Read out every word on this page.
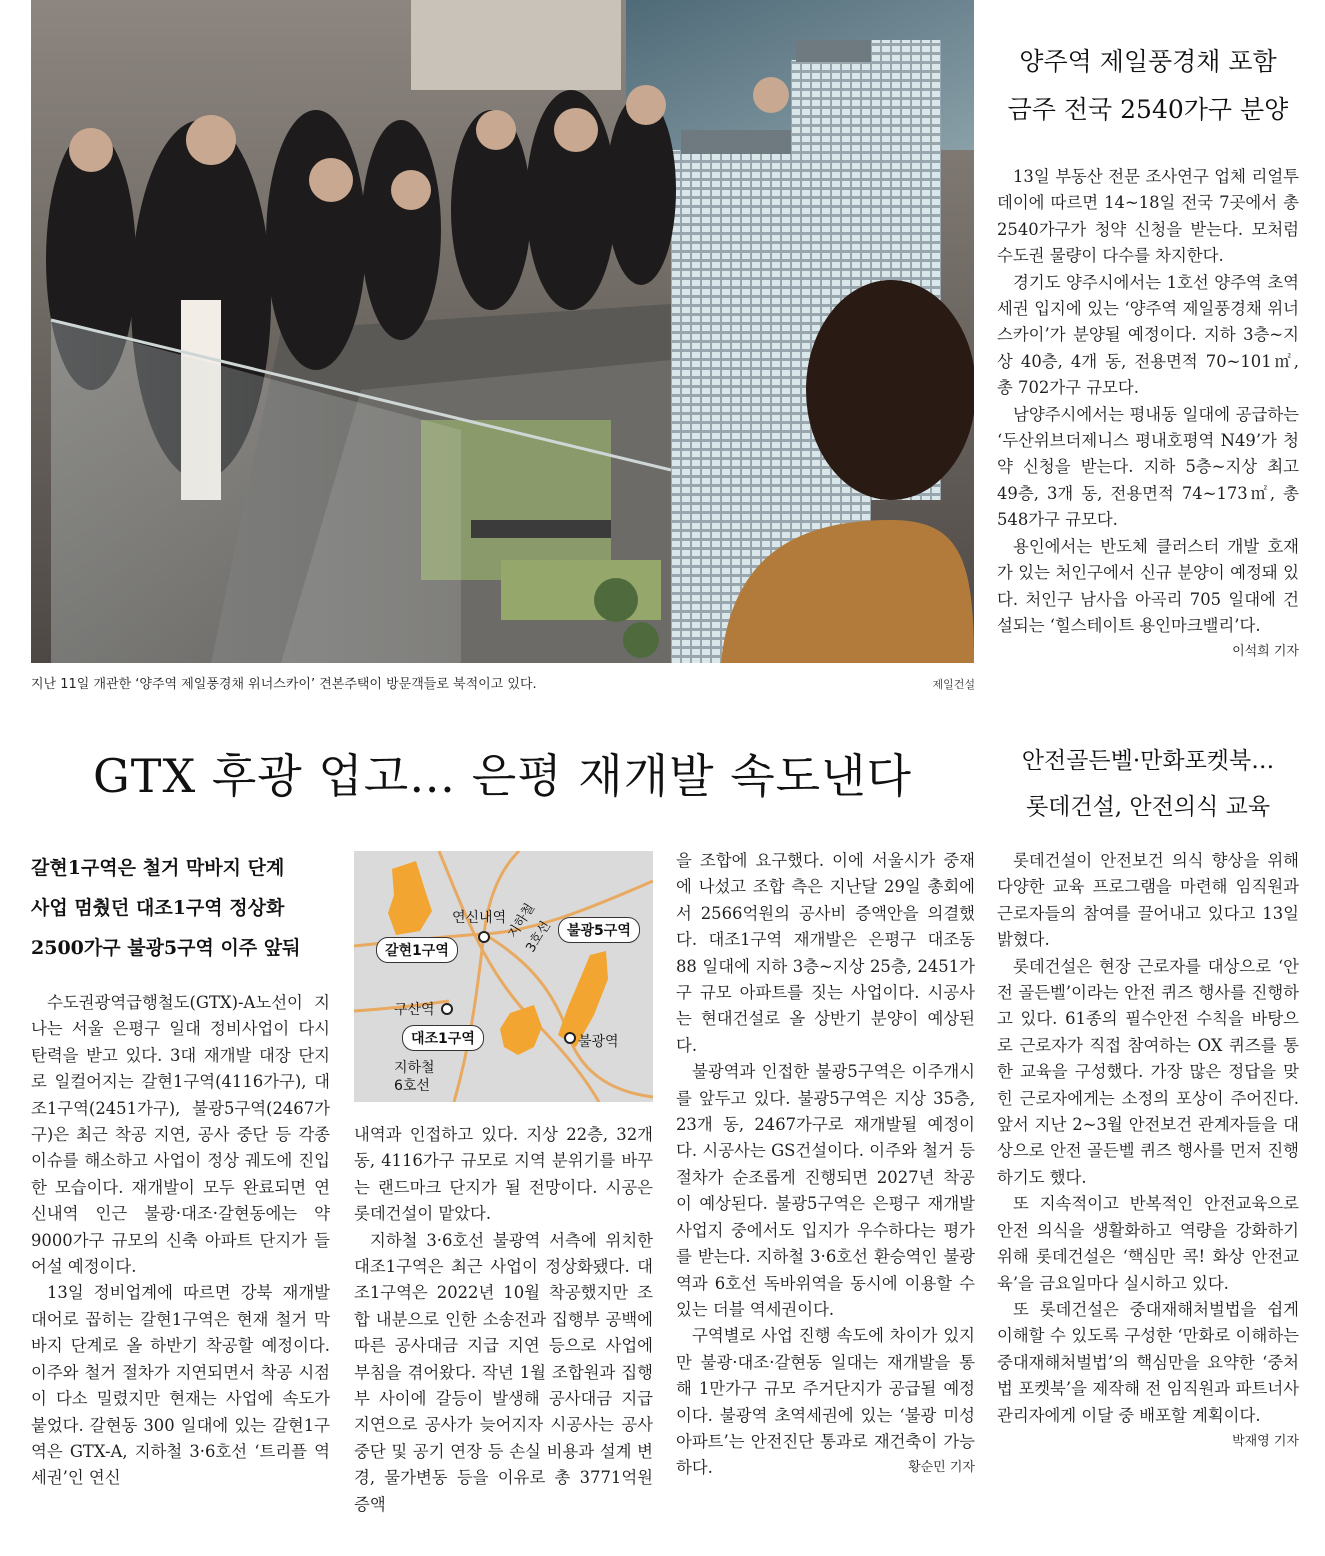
지난 11일 개관한 ‘양주역 제일풍경채 위너스카이’ 견본주택이 방문객들로 북적이고 있다.	제일건설
양주역 제일풍경채 포함
금주 전국 2540가구 분양

13일 부동산 전문 조사연구 업체 리얼투데이에 따르면 14~18일 전국 7곳에서 총 2540가구가 청약 신청을 받는다. 모처럼 수도권 물량이 다수를 차지한다.

경기도 양주시에서는 1호선 양주역 초역세권 입지에 있는 ‘양주역 제일풍경채 위너스카이’가 분양될 예정이다. 지하 3층~지상 40층, 4개 동, 전용면적 70~101㎡, 총 702가구 규모다.

남양주시에서는 평내동 일대에 공급하는 ‘두산위브더제니스 평내호평역 N49’가 청약 신청을 받는다. 지하 5층~지상 최고 49층, 3개 동, 전용면적 74~173㎡, 총 548가구 규모다.

용인에서는 반도체 클러스터 개발 호재가 있는 처인구에서 신규 분양이 예정돼 있다. 처인구 남사읍 아곡리 705 일대에 건설되는 ‘힐스테이트 용인마크밸리’다.
이석희 기자

GTX 후광 업고… 은평 재개발 속도낸다
갈현1구역은 철거 막바지 단계
사업 멈췄던 대조1구역 정상화
2500가구 불광5구역 이주 앞둬

수도권광역급행철도(GTX)-A노선이 지나는 서울 은평구 일대 정비사업이 다시 탄력을 받고 있다. 3대 재개발 대장 단지로 일컬어지는 갈현1구역(4116가구), 대조1구역(2451가구), 불광5구역(2467가구)은 최근 착공 지연, 공사 중단 등 각종 이슈를 해소하고 사업이 정상 궤도에 진입한 모습이다. 재개발이 모두 완료되면 연신내역 인근 불광·대조·갈현동에는 약 9000가구 규모의 신축 아파트 단지가 들어설 예정이다.

13일 정비업계에 따르면 강북 재개발 대어로 꼽히는 갈현1구역은 현재 철거 막바지 단계로 올 하반기 착공할 예정이다. 이주와 철거 절차가 지연되면서 착공 시점이 다소 밀렸지만 현재는 사업에 속도가 붙었다. 갈현동 300 일대에 있는 갈현1구역은 GTX-A, 지하철 3·6호선 ‘트리플 역세권’인 연신

연신내역
갈현1구역
불광5구역
지하철
3호선
구산역
대조1구역	불광역
지하철
6호선

내역과 인접하고 있다. 지상 22층, 32개 동, 4116가구 규모로 지역 분위기를 바꾸는 랜드마크 단지가 될 전망이다. 시공은 롯데건설이 맡았다.

지하철 3·6호선 불광역 서측에 위치한 대조1구역은 최근 사업이 정상화됐다. 대조1구역은 2022년 10월 착공했지만 조합 내분으로 인한 소송전과 집행부 공백에 따른 공사대금 지급 지연 등으로 사업에 부침을 겪어왔다. 작년 1월 조합원과 집행부 사이에 갈등이 발생해 공사대금 지급 지연으로 공사가 늦어지자 시공사는 공사 중단 및 공기 연장 등 손실 비용과 설계 변경, 물가변동 등을 이유로 총 3771억원 증액

을 조합에 요구했다. 이에 서울시가 중재에 나섰고 조합 측은 지난달 29일 총회에서 2566억원의 공사비 증액안을 의결했다. 대조1구역 재개발은 은평구 대조동 88 일대에 지하 3층~지상 25층, 2451가구 규모 아파트를 짓는 사업이다. 시공사는 현대건설로 올 상반기 분양이 예상된다.

불광역과 인접한 불광5구역은 이주개시를 앞두고 있다. 불광5구역은 지상 35층, 23개 동, 2467가구로 재개발될 예정이다. 시공사는 GS건설이다. 이주와 철거 등 절차가 순조롭게 진행되면 2027년 착공이 예상된다. 불광5구역은 은평구 재개발 사업지 중에서도 입지가 우수하다는 평가를 받는다. 지하철 3·6호선 환승역인 불광역과 6호선 독바위역을 동시에 이용할 수 있는 더블 역세권이다.

구역별로 사업 진행 속도에 차이가 있지만 불광·대조·갈현동 일대는 재개발을 통해 1만가구 규모 주거단지가 공급될 예정이다. 불광역 초역세권에 있는 ‘불광 미성아파트’는 안전진단 통과로 재건축이 가능하다.	황순민 기자

안전골든벨·만화포켓북…
롯데건설, 안전의식 교육

롯데건설이 안전보건 의식 향상을 위해 다양한 교육 프로그램을 마련해 임직원과 근로자들의 참여를 끌어내고 있다고 13일 밝혔다.

롯데건설은 현장 근로자를 대상으로 ‘안전 골든벨’이라는 안전 퀴즈 행사를 진행하고 있다. 61종의 필수안전 수칙을 바탕으로 근로자가 직접 참여하는 OX 퀴즈를 통한 교육을 구성했다. 가장 많은 정답을 맞힌 근로자에게는 소정의 포상이 주어진다. 앞서 지난 2~3월 안전보건 관계자들을 대상으로 안전 골든벨 퀴즈 행사를 먼저 진행하기도 했다.

또 지속적이고 반복적인 안전교육으로 안전 의식을 생활화하고 역량을 강화하기 위해 롯데건설은 ‘핵심만 콕! 화상 안전교육’을 금요일마다 실시하고 있다.

또 롯데건설은 중대재해처벌법을 쉽게 이해할 수 있도록 구성한 ‘만화로 이해하는 중대재해처벌법’의 핵심만을 요약한 ‘중처법 포켓북’을 제작해 전 임직원과 파트너사 관리자에게 이달 중 배포할 계획이다.
박재영 기자
